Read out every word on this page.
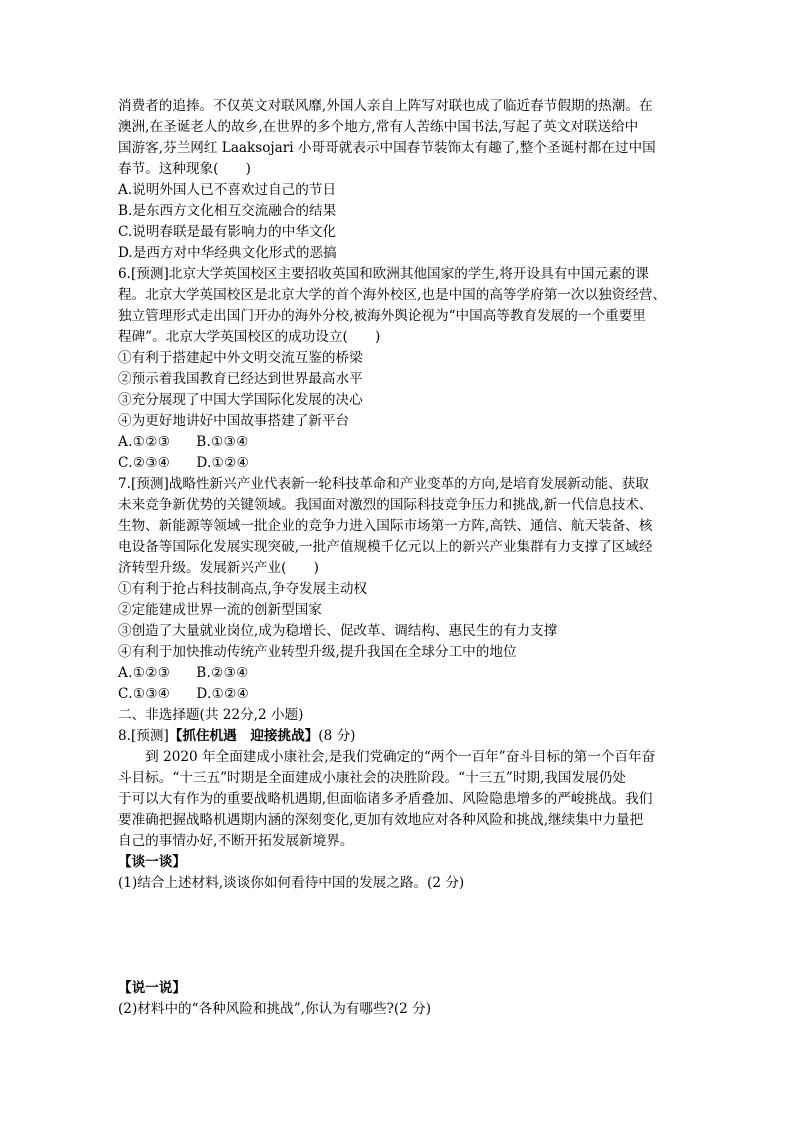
消费者的追捧。不仅英文对联风靡,外国人亲自上阵写对联也成了临近春节假期的热潮。在
澳洲,在圣诞老人的故乡,在世界的多个地方,常有人苦练中国书法,写起了英文对联送给中
国游客,芬兰网红 Laaksojari 小哥哥就表示中国春节装饰太有趣了,整个圣诞村都在过中国
春节。这种现象(　　)
A.说明外国人已不喜欢过自己的节日
B.是东西方文化相互交流融合的结果
C.说明春联是最有影响力的中华文化
D.是西方对中华经典文化形式的恶搞
6.[预测]北京大学英国校区主要招收英国和欧洲其他国家的学生,将开设具有中国元素的课
程。北京大学英国校区是北京大学的首个海外校区,也是中国的高等学府第一次以独资经营、
独立管理形式走出国门开办的海外分校,被海外舆论视为“中国高等教育发展的一个重要里
程碑”。北京大学英国校区的成功设立(　　)
①有利于搭建起中外文明交流互鉴的桥梁
②预示着我国教育已经达到世界最高水平
③充分展现了中国大学国际化发展的决心
④为更好地讲好中国故事搭建了新平台
A.①②③ B.①③④
C.②③④ D.①②④
7.[预测]战略性新兴产业代表新一轮科技革命和产业变革的方向,是培育发展新动能、获取
未来竞争新优势的关键领域。我国面对激烈的国际科技竞争压力和挑战,新一代信息技术、
生物、新能源等领域一批企业的竞争力进入国际市场第一方阵,高铁、通信、航天装备、核
电设备等国际化发展实现突破,一批产值规模千亿元以上的新兴产业集群有力支撑了区域经
济转型升级。发展新兴产业(　　)
①有利于抢占科技制高点,争夺发展主动权
②定能建成世界一流的创新型国家
③创造了大量就业岗位,成为稳增长、促改革、调结构、惠民生的有力支撑
④有利于加快推动传统产业转型升级,提升我国在全球分工中的地位
A.①②③ B.②③④
C.①③④ D.①②④
二、非选择题(共 22分,2 小题)
8.[预测]【抓住机遇　迎接挑战】(8 分)
　　到 2020 年全面建成小康社会,是我们党确定的“两个一百年”奋斗目标的第一个百年奋
斗目标。“十三五”时期是全面建成小康社会的决胜阶段。“十三五”时期,我国发展仍处
于可以大有作为的重要战略机遇期,但面临诸多矛盾叠加、风险隐患增多的严峻挑战。我们
要准确把握战略机遇期内涵的深刻变化,更加有效地应对各种风险和挑战,继续集中力量把
自己的事情办好,不断开拓发展新境界。
【谈一谈】
(1)结合上述材料,谈谈你如何看待中国的发展之路。(2 分)
【说一说】
(2)材料中的“各种风险和挑战”,你认为有哪些?(2 分)
